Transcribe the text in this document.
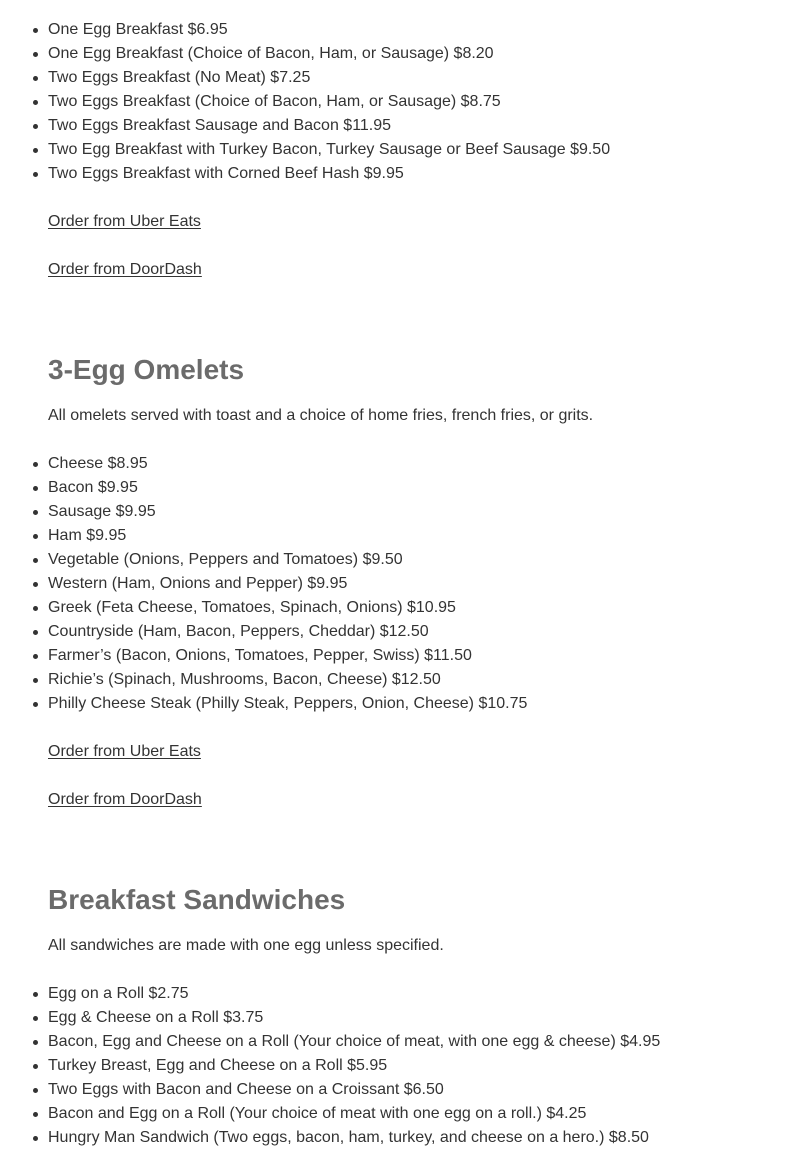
One Egg Breakfast $6.95
One Egg Breakfast (Choice of Bacon, Ham, or Sausage) $8.20
Two Eggs Breakfast (No Meat) $7.25
Two Eggs Breakfast (Choice of Bacon, Ham, or Sausage) $8.75
Two Eggs Breakfast Sausage and Bacon $11.95
Two Egg Breakfast with Turkey Bacon, Turkey Sausage or Beef Sausage $9.50
Two Eggs Breakfast with Corned Beef Hash $9.95
Order from Uber Eats
Order from DoorDash
3-Egg Omelets

All omelets served with toast and a choice of home fries, french fries, or grits.

Cheese $8.95
Bacon $9.95
Sausage $9.95
Ham $9.95
Vegetable (Onions, Peppers and Tomatoes) $9.50
Western (Ham, Onions and Pepper) $9.95
Greek (Feta Cheese, Tomatoes, Spinach, Onions) $10.95
Countryside (Ham, Bacon, Peppers, Cheddar) $12.50
Farmer’s (Bacon, Onions, Tomatoes, Pepper, Swiss) $11.50
Richie’s (Spinach, Mushrooms, Bacon, Cheese) $12.50
Philly Cheese Steak (Philly Steak, Peppers, Onion, Cheese) $10.75
Order from Uber Eats
Order from DoorDash
Breakfast Sandwiches

All sandwiches are made with one egg unless specified.

Egg on a Roll $2.75
Egg & Cheese on a Roll $3.75
Bacon, Egg and Cheese on a Roll (Your choice of meat, with one egg & cheese) $4.95
Turkey Breast, Egg and Cheese on a Roll $5.95
Two Eggs with Bacon and Cheese on a Croissant $6.50
Bacon and Egg on a Roll (Your choice of meat with one egg on a roll.) $4.25
Hungry Man Sandwich (Two eggs, bacon, ham, turkey, and cheese on a hero.) $8.50
